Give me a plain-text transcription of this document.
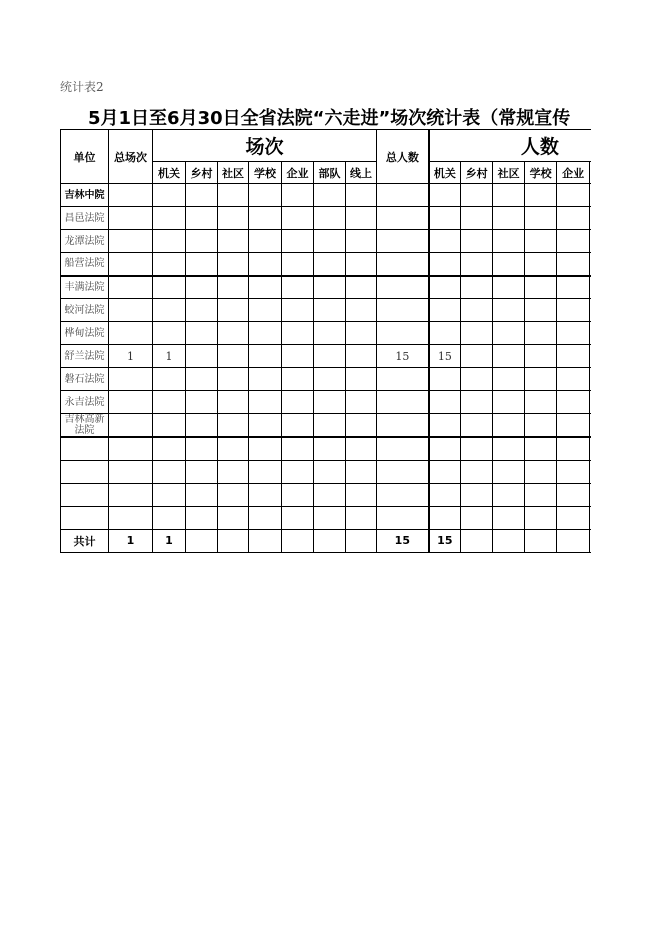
统计表2
5月1日至6月30日全省法院“六走进”场次统计表（常规宣传
单位	总场次	场次							总人数	人数					
		机关	乡村	社区	学校	企业	部队	线上		机关	乡村	社区	学校	企业	
吉林中院															
昌邑法院															
龙潭法院															
船营法院															
丰满法院															
蛟河法院															
桦甸法院															
舒兰法院	1	1							15	15					
磐石法院															
永吉法院															
吉林高新法院															

共计	1	1							15	15					
